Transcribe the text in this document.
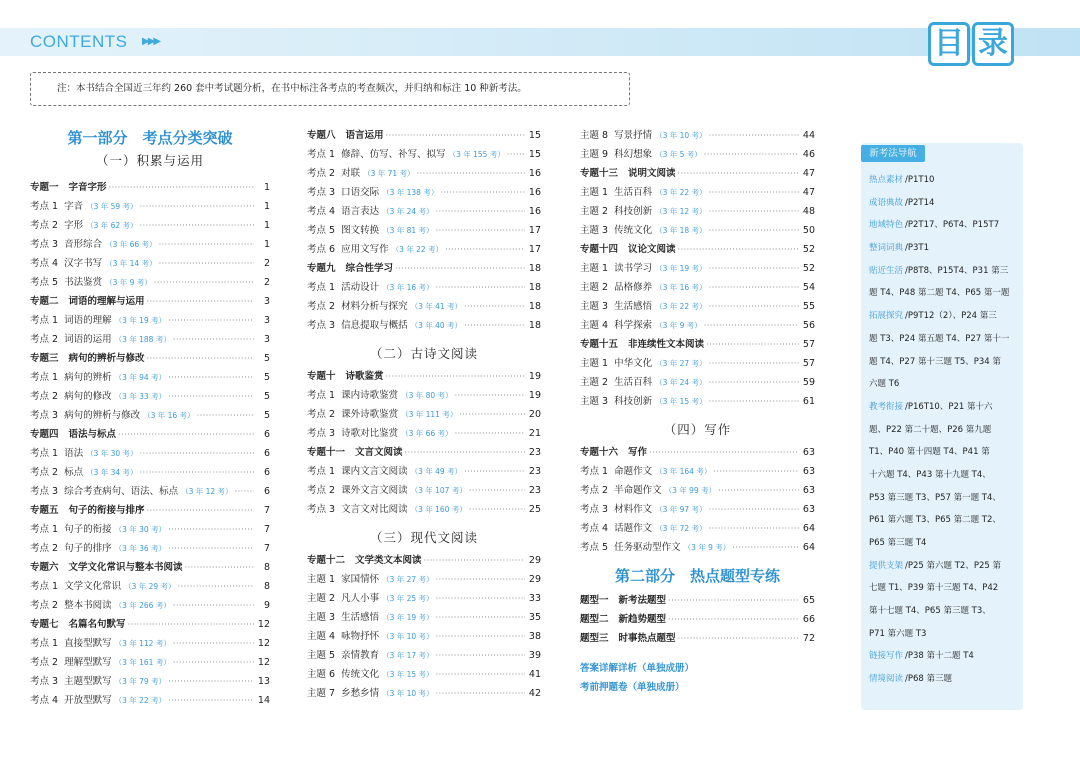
CONTENTS ▶▶▶	目 录
注：本书结合全国近三年约 260 套中考试题分析，在书中标注各考点的考查频次，并归纳和标注 10 种新考法。
第一部分　考点分类突破
（一）积累与运用
专题一 字音字形 ·····	1
考点 1 字音 （3 年 59 考） ·····	1
考点 2 字形 （3 年 62 考） ·····	1
考点 3 音形综合 （3 年 66 考） ·····	1
考点 4 汉字书写 （3 年 14 考） ·····	2
考点 5 书法鉴赏 （3 年 9 考） ·····	2
专题二 词语的理解与运用 ·····	3
考点 1 词语的理解 （3 年 19 考） ·····	3
考点 2 词语的运用 （3 年 188 考） ·····	3
专题三 病句的辨析与修改 ·····	5
考点 1 病句的辨析 （3 年 94 考） ·····	5
考点 2 病句的修改 （3 年 33 考） ·····	5
考点 3 病句的辨析与修改 （3 年 16 考） ·····	5
专题四 语法与标点 ·····	6
考点 1 语法 （3 年 30 考） ·····	6
考点 2 标点 （3 年 34 考） ·····	6
考点 3 综合考查病句、语法、标点 （3 年 12 考） ·····	6
专题五 句子的衔接与排序 ·····	7
考点 1 句子的衔接 （3 年 30 考） ·····	7
考点 2 句子的排序 （3 年 36 考） ·····	7
专题六 文学文化常识与整本书阅读 ·····	8
考点 1 文学文化常识 （3 年 29 考） ·····	8
考点 2 整本书阅读 （3 年 266 考） ·····	9
专题七 名篇名句默写 ·····	12
考点 1 直接型默写 （3 年 112 考） ·····	12
考点 2 理解型默写 （3 年 161 考） ·····	12
考点 3 主题型默写 （3 年 79 考） ·····	13
考点 4 开放型默写 （3 年 22 考） ·····	14
专题八 语言运用 ·····	15
考点 1 修辞、仿写、补写、拟写 （3 年 155 考） ·····	15
考点 2 对联 （3 年 71 考） ·····	16
考点 3 口语交际 （3 年 138 考） ·····	16
考点 4 语言表达 （3 年 24 考） ·····	16
考点 5 图文转换 （3 年 81 考） ·····	17
考点 6 应用文写作 （3 年 22 考） ·····	17
专题九 综合性学习 ·····	18
考点 1 活动设计 （3 年 16 考） ·····	18
考点 2 材料分析与探究 （3 年 41 考） ·····	18
考点 3 信息提取与概括 （3 年 40 考） ·····	18
（二）古诗文阅读
专题十 诗歌鉴赏 ·····	19
考点 1 课内诗歌鉴赏 （3 年 80 考） ·····	19
考点 2 课外诗歌鉴赏 （3 年 111 考） ·····	20
考点 3 诗歌对比鉴赏 （3 年 66 考） ·····	21
专题十一 文言文阅读 ·····	23
考点 1 课内文言文阅读 （3 年 49 考） ·····	23
考点 2 课外文言文阅读 （3 年 107 考） ·····	23
考点 3 文言文对比阅读 （3 年 160 考） ·····	25
（三）现代文阅读
专题十二 文学类文本阅读 ·····	29
主题 1 家国情怀 （3 年 27 考） ·····	29
主题 2 凡人小事 （3 年 25 考） ·····	33
主题 3 生活感悟 （3 年 19 考） ·····	35
主题 4 咏物抒怀 （3 年 10 考） ·····	38
主题 5 亲情教育 （3 年 17 考） ·····	39
主题 6 传统文化 （3 年 15 考） ·····	41
主题 7 乡愁乡情 （3 年 10 考） ·····	42
主题 8 写景抒情 （3 年 10 考） ·····	44
主题 9 科幻想象 （3 年 5 考） ·····	46
专题十三 说明文阅读 ·····	47
主题 1 生活百科 （3 年 22 考） ·····	47
主题 2 科技创新 （3 年 12 考） ·····	48
主题 3 传统文化 （3 年 18 考） ·····	50
专题十四 议论文阅读 ·····	52
主题 1 读书学习 （3 年 19 考） ·····	52
主题 2 品格修养 （3 年 16 考） ·····	54
主题 3 生活感悟 （3 年 22 考） ·····	55
主题 4 科学探索 （3 年 9 考） ·····	56
专题十五 非连续性文本阅读 ·····	57
主题 1 中华文化 （3 年 27 考） ·····	57
主题 2 生活百科 （3 年 24 考） ·····	59
主题 3 科技创新 （3 年 15 考） ·····	61
（四）写作
专题十六 写作 ·····	63
考点 1 命题作文 （3 年 164 考） ·····	63
考点 2 半命题作文 （3 年 99 考） ·····	63
考点 3 材料作文 （3 年 97 考） ·····	63
考点 4 话题作文 （3 年 72 考） ·····	64
考点 5 任务驱动型作文 （3 年 9 考） ·····	64
第二部分　热点题型专练
题型一 新考法题型 ·····	65
题型二 新趋势题型 ·····	66
题型三 时事热点题型 ·····	72
答案详解详析（单独成册）
考前押题卷（单独成册）
新考法导航
热点素材 /P1T10
成语典故 /P2T14
地域特色 /P2T17、P6T4、P15T7
整词词典 /P3T1
贴近生活 /P8T8、P15T4、P31 第三
题 T4、P48 第二题 T4、P65 第一题
拓展探究 /P9T12（2）、P24 第三
题 T3、P24 第五题 T4、P27 第十一
题 T4、P27 第十三题 T5、P34 第
六题 T6
教考衔接 /P16T10、P21 第十六
题、P22 第二十题、P26 第九题
T1、P40 第十四题 T4、P41 第
十六题 T4、P43 第十九题 T4、
P53 第三题 T3、P57 第一题 T4、
P61 第六题 T3、P65 第二题 T2、
P65 第三题 T4
提供支架 /P25 第六题 T2、P25 第
七题 T1、P39 第十三题 T4、P42
第十七题 T4、P65 第三题 T3、
P71 第六题 T3
链接写作 /P38 第十二题 T4
情境阅读 /P68 第三题
